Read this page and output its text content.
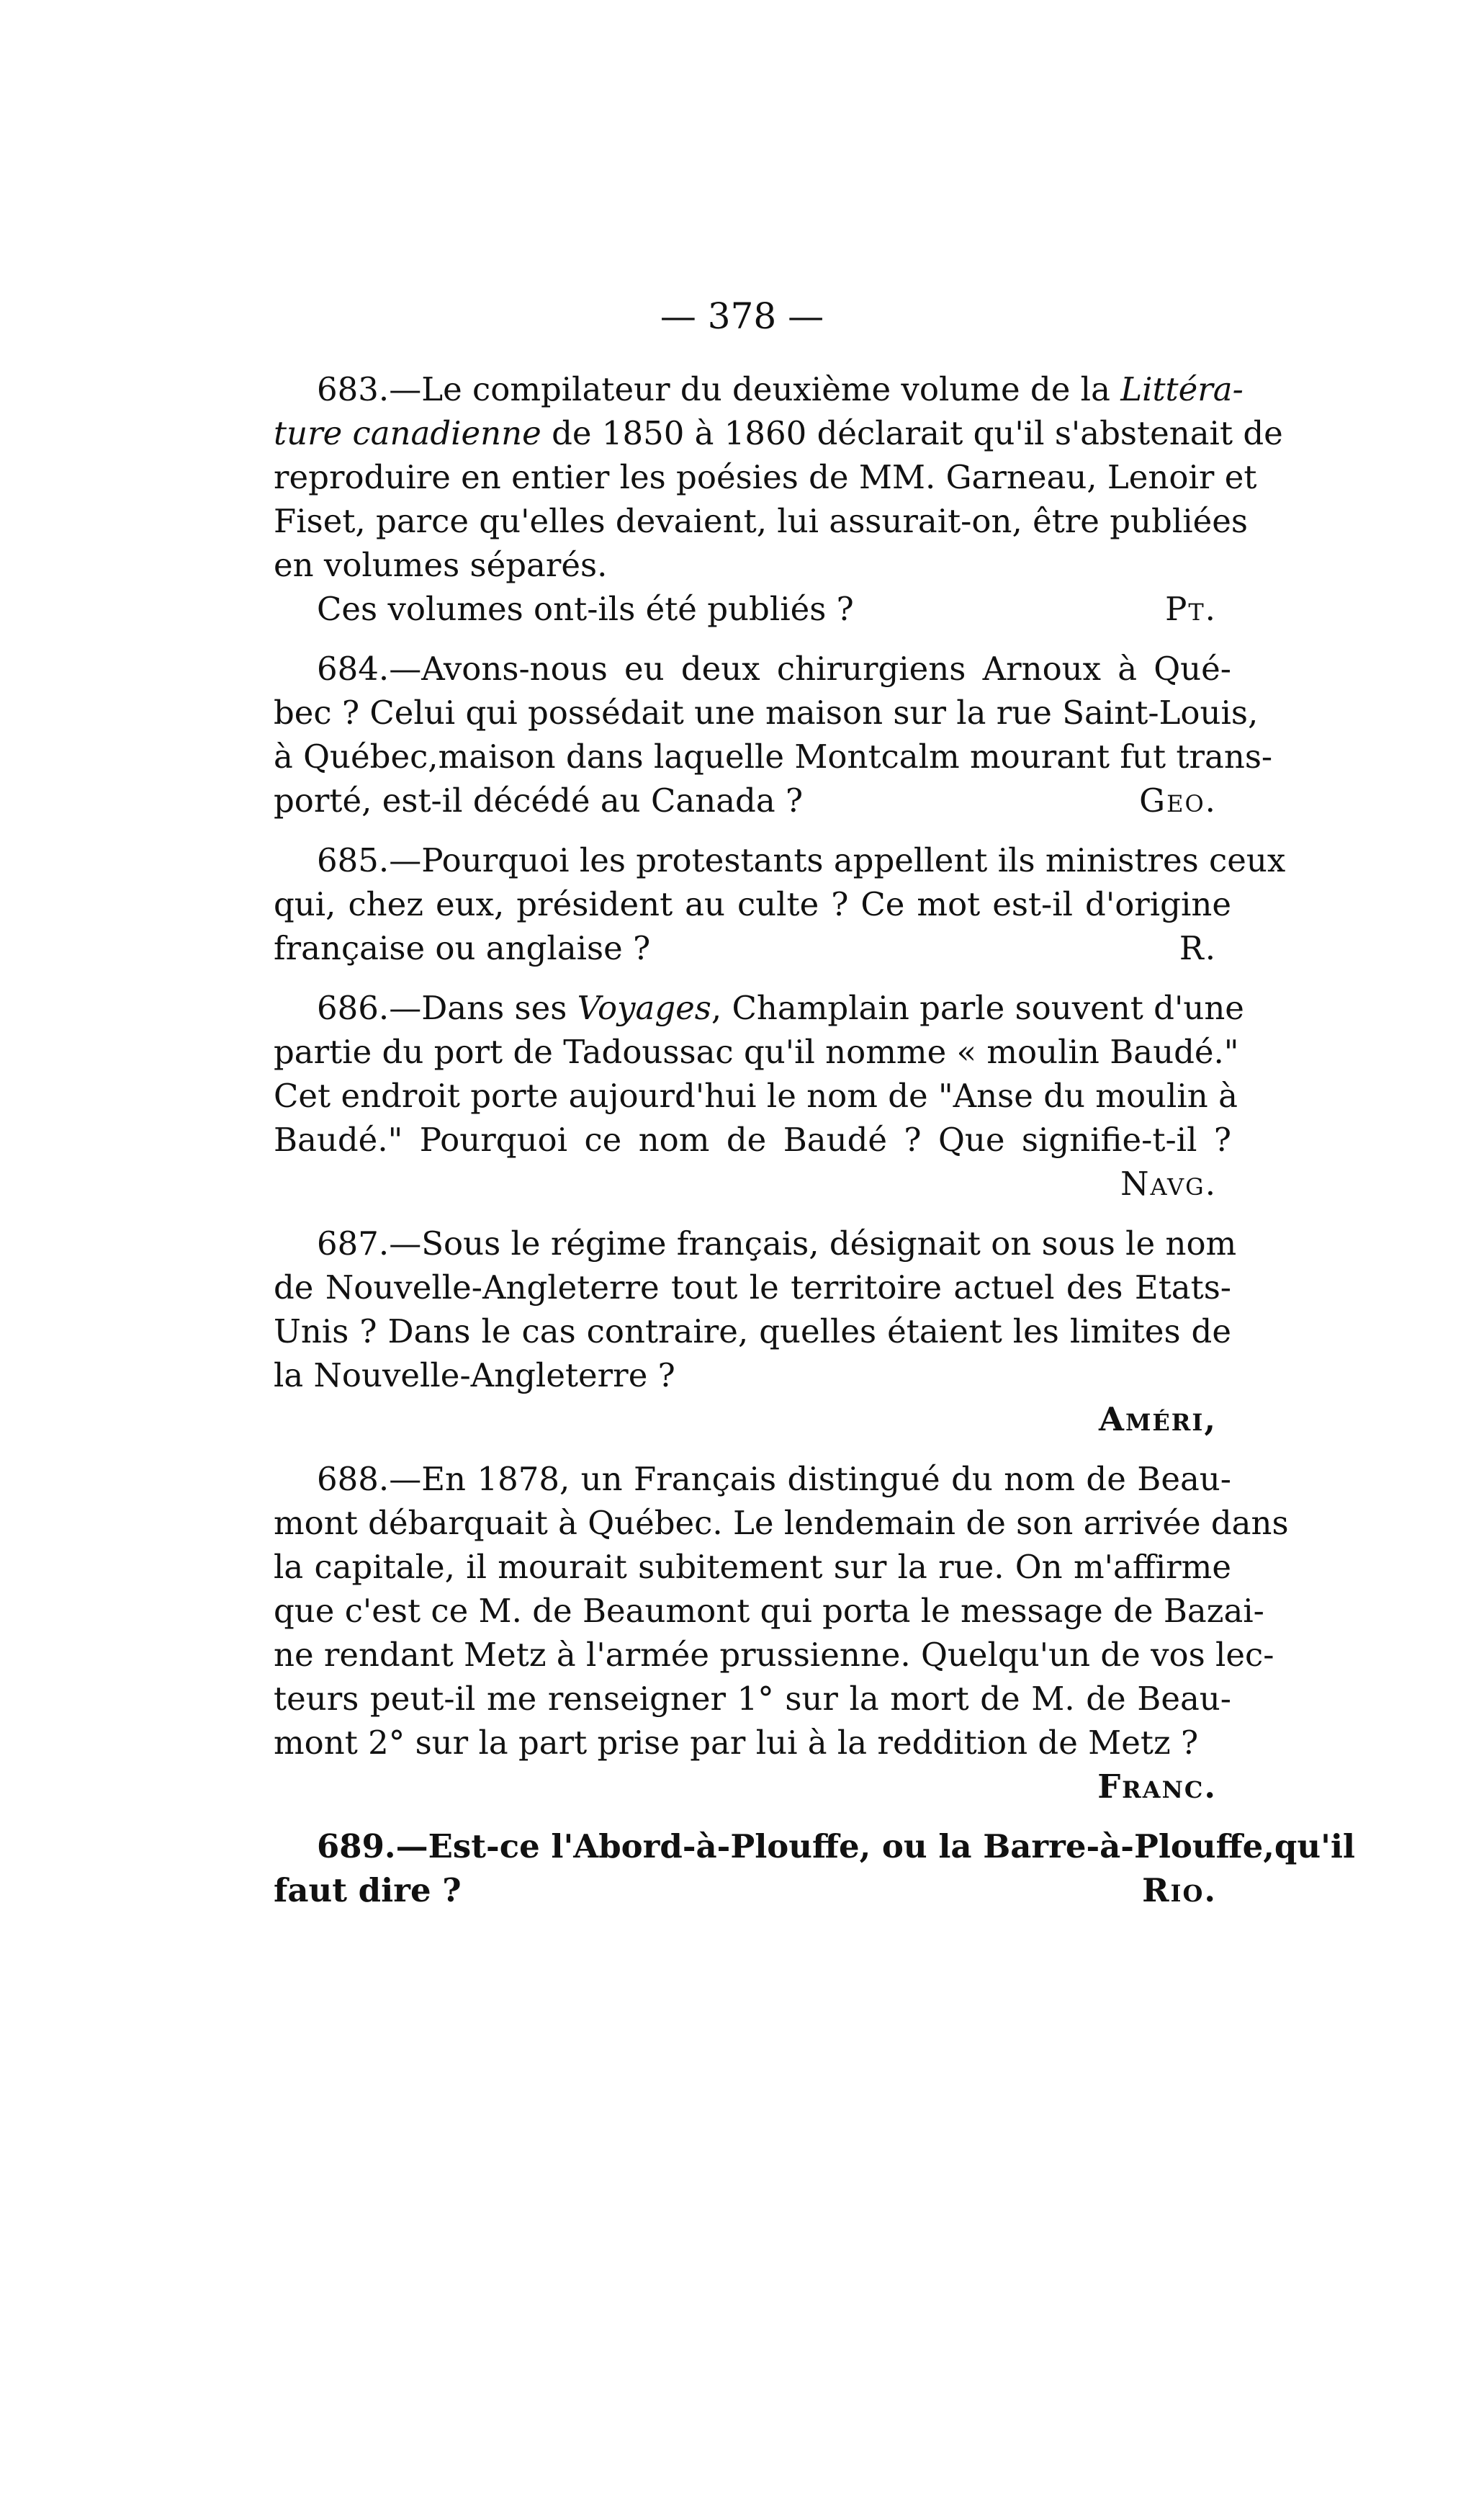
— 378 —
683.—Le compilateur du deuxième volume de la Littéra-
ture canadienne de 1850 à 1860 déclarait qu'il s'abstenait de
reproduire en entier les poésies de MM. Garneau, Lenoir et
Fiset, parce qu'elles devaient, lui assurait-on, être publiées
en volumes séparés.
Ces volumes ont-ils été publiés ?	Pt.
684.—Avons-nous eu deux chirurgiens Arnoux à Qué-
bec ? Celui qui possédait une maison sur la rue Saint-Louis,
à Québec,maison dans laquelle Montcalm mourant fut trans-
porté, est-il décédé au Canada ?	Geo.
685.—Pourquoi les protestants appellent ils ministres ceux
qui, chez eux, président au culte ? Ce mot est-il d'origine
française ou anglaise ?	R.
686.—Dans ses Voyages, Champlain parle souvent d'une
partie du port de Tadoussac qu'il nomme « moulin Baudé."
Cet endroit porte aujourd'hui le nom de "Anse du moulin à
Baudé." Pourquoi ce nom de Baudé ? Que signifie-t-il ?
Navg.
687.—Sous le régime français, désignait on sous le nom
de Nouvelle-Angleterre tout le territoire actuel des Etats-
Unis ? Dans le cas contraire, quelles étaient les limites de
la Nouvelle-Angleterre ?
Améri,
688.—En 1878, un Français distingué du nom de Beau-
mont débarquait à Québec. Le lendemain de son arrivée dans
la capitale, il mourait subitement sur la rue. On m'affirme
que c'est ce M. de Beaumont qui porta le message de Bazai-
ne rendant Metz à l'armée prussienne. Quelqu'un de vos lec-
teurs peut-il me renseigner 1° sur la mort de M. de Beau-
mont 2° sur la part prise par lui à la reddition de Metz ?
Franc.
689.—Est-ce l'Abord-à-Plouffe, ou la Barre-à-Plouffe,qu'il
faut dire ?	Rio.
